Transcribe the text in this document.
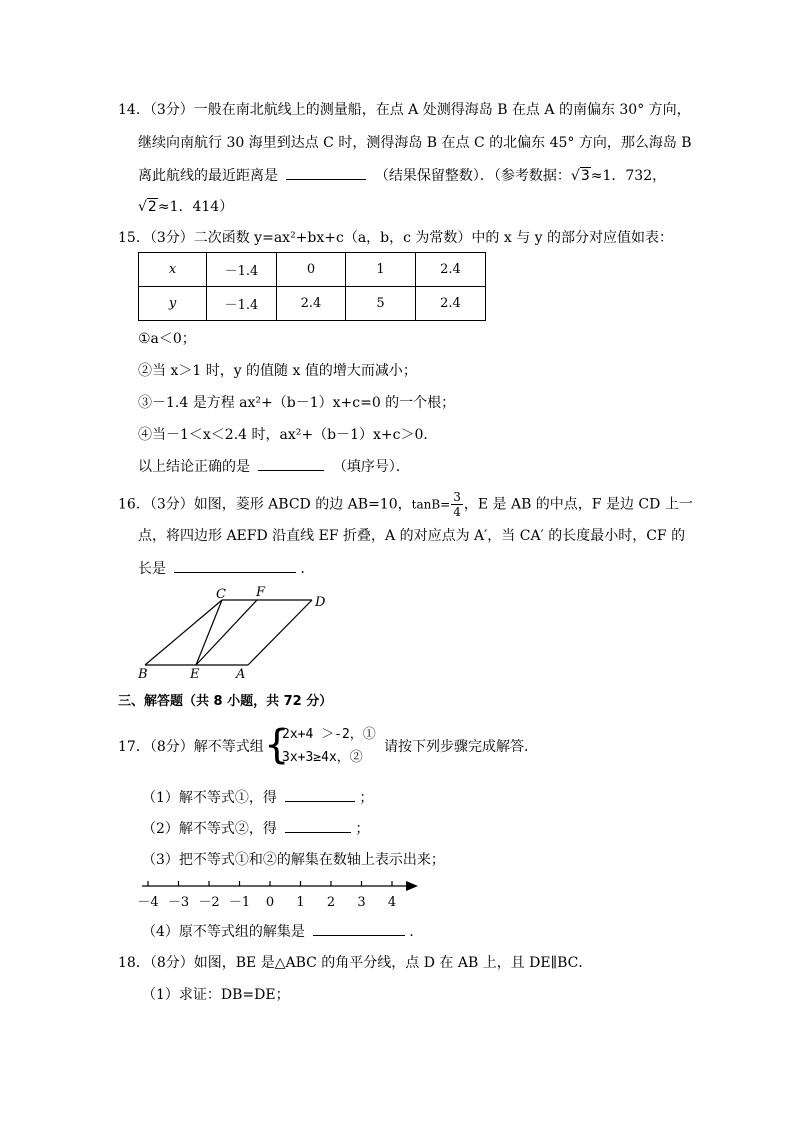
14．（3分）一般在南北航线上的测量船，在点 A 处测得海岛 B 在点 A 的南偏东 30° 方向，
继续向南航行 30 海里到达点 C 时，测得海岛 B 在点 C 的北偏东 45° 方向，那么海岛 B
离此航线的最近距离是	（结果保留整数）．（参考数据：√3≈1．732，
√2≈1．414）
15．（3分）二次函数 y=ax²+bx+c（a，b，c 为常数）中的 x 与 y 的部分对应值如表：
x	－1.4	0	1	2.4
y	－1.4	2.4	5	2.4
①a＜0；
②当 x＞1 时，y 的值随 x 值的增大而减小；
③－1.4 是方程 ax²+（b－1）x+c=0 的一个根；
④当－1＜x＜2.4 时，ax²+（b－1）x+c＞0．
以上结论正确的是	（填序号）．
16．（3分）如图，菱形 ABCD 的边 AB=10，$\tan B= \frac{3}{4}$ ，E 是 AB 的中点，F 是边 CD 上一
点，将四边形 AEFD 沿直线 EF 折叠，A 的对应点为 A′，当 CA′ 的长度最小时，CF 的
长是	．
C F
D
B	E	A
三、解答题（共 8 小题，共 72 分）
17．（8分）解不等式组 {
2x+4 ＞-2，①
3x+3≥4x，②
请按下列步骤完成解答．
（1）解不等式①，得	；
（2）解不等式②，得	；
（3）把不等式①和②的解集在数轴上表示出来；
－4 －3 －2 －1 0 1 2 3 4
（4）原不等式组的解集是	．
18．（8分）如图，BE 是△ABC 的角平分线，点 D 在 AB 上，且 DE∥BC．
（1）求证：DB=DE；
